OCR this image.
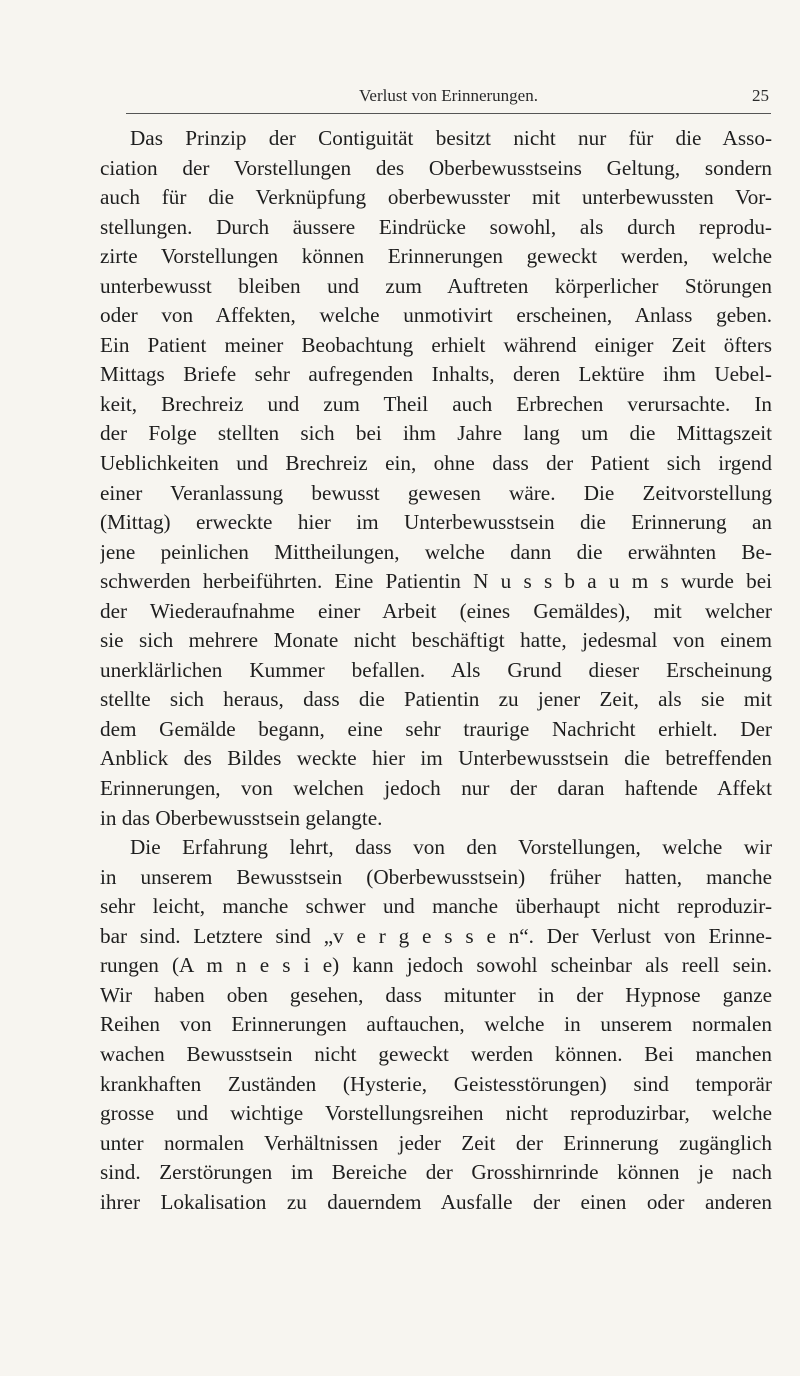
Verlust von Erinnerungen.	25
Das Prinzip der Contiguität besitzt nicht nur für die Asso-
ciation der Vorstellungen des Oberbewusstseins Geltung, sondern
auch für die Verknüpfung oberbewusster mit unterbewussten Vor-
stellungen. Durch äussere Eindrücke sowohl, als durch reprodu-
zirte Vorstellungen können Erinnerungen geweckt werden, welche
unterbewusst bleiben und zum Auftreten körperlicher Störungen
oder von Affekten, welche unmotivirt erscheinen, Anlass geben.
Ein Patient meiner Beobachtung erhielt während einiger Zeit öfters
Mittags Briefe sehr aufregenden Inhalts, deren Lektüre ihm Uebel-
keit, Brechreiz und zum Theil auch Erbrechen verursachte. In
der Folge stellten sich bei ihm Jahre lang um die Mittagszeit
Ueblichkeiten und Brechreiz ein, ohne dass der Patient sich irgend
einer Veranlassung bewusst gewesen wäre. Die Zeitvorstellung
(Mittag) erweckte hier im Unterbewusstsein die Erinnerung an
jene peinlichen Mittheilungen, welche dann die erwähnten Be-
schwerden herbeiführten. Eine Patientin N u s s b a u m s wurde bei
der Wiederaufnahme einer Arbeit (eines Gemäldes), mit welcher
sie sich mehrere Monate nicht beschäftigt hatte, jedesmal von einem
unerklärlichen Kummer befallen. Als Grund dieser Erscheinung
stellte sich heraus, dass die Patientin zu jener Zeit, als sie mit
dem Gemälde begann, eine sehr traurige Nachricht erhielt. Der
Anblick des Bildes weckte hier im Unterbewusstsein die betreffenden
Erinnerungen, von welchen jedoch nur der daran haftende Affekt
in das Oberbewusstsein gelangte.
Die Erfahrung lehrt, dass von den Vorstellungen, welche wir
in unserem Bewusstsein (Oberbewusstsein) früher hatten, manche
sehr leicht, manche schwer und manche überhaupt nicht reproduzir-
bar sind. Letztere sind „v e r g e s s e n“. Der Verlust von Erinne-
rungen (A m n e s i e) kann jedoch sowohl scheinbar als reell sein.
Wir haben oben gesehen, dass mitunter in der Hypnose ganze
Reihen von Erinnerungen auftauchen, welche in unserem normalen
wachen Bewusstsein nicht geweckt werden können. Bei manchen
krankhaften Zuständen (Hysterie, Geistesstörungen) sind temporär
grosse und wichtige Vorstellungsreihen nicht reproduzirbar, welche
unter normalen Verhältnissen jeder Zeit der Erinnerung zugänglich
sind. Zerstörungen im Bereiche der Grosshirnrinde können je nach
ihrer Lokalisation zu dauerndem Ausfalle der einen oder anderen
